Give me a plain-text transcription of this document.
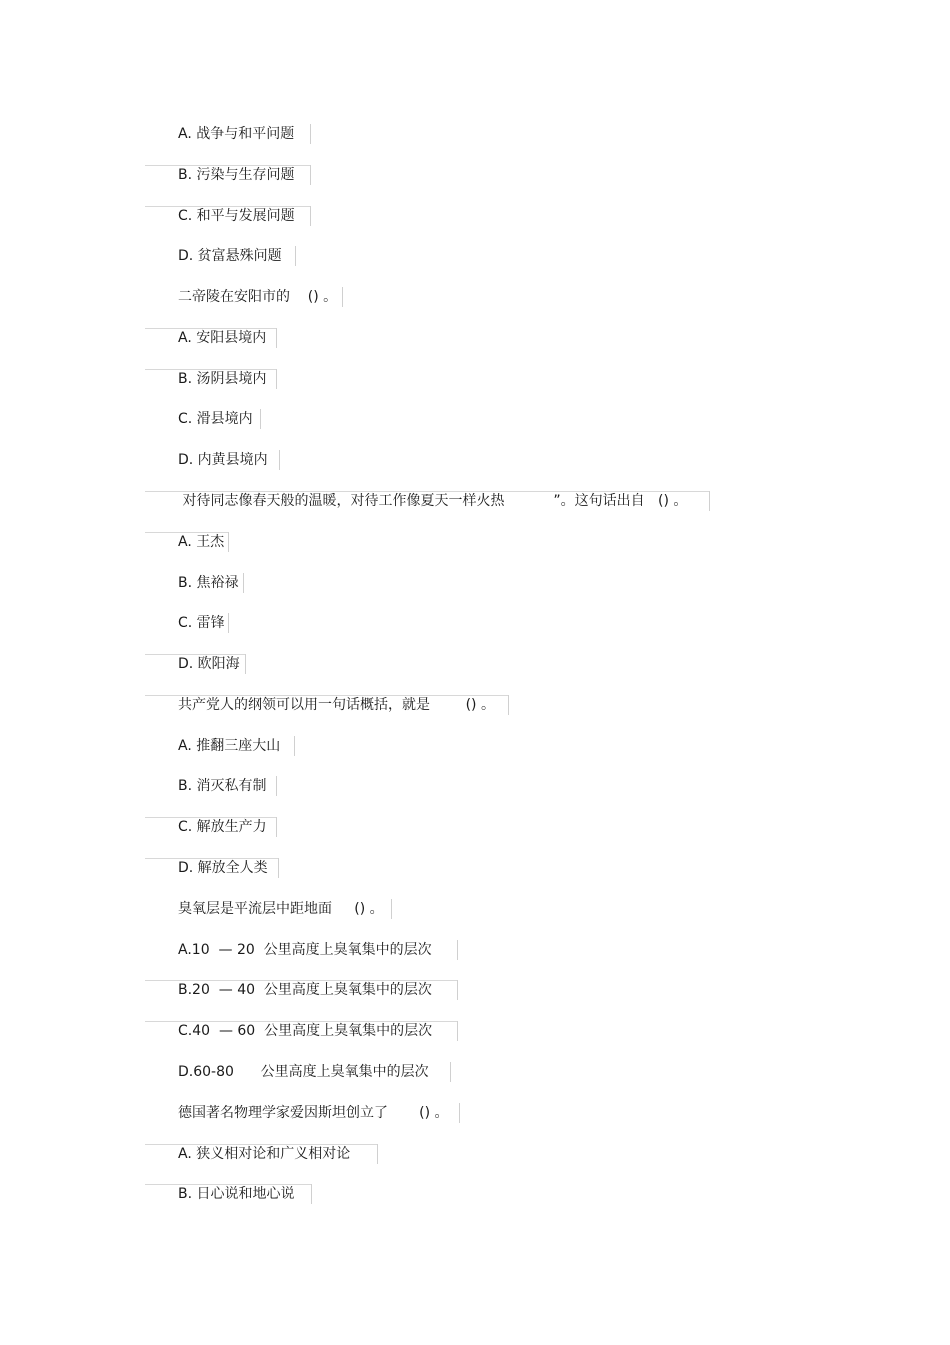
A. 战争与和平问题
B. 污染与生存问题
C. 和平与发展问题
D. 贫富悬殊问题
二帝陵在安阳市的    () 。
A. 安阳县境内
B. 汤阴县境内
C. 滑县境内
D. 内黄县境内
对待同志像春天般的温暖，对待工作像夏天一样火热           ”。这句话出自   () 。
A. 王杰
B. 焦裕禄
C. 雷锋
D. 欧阳海
共产党人的纲领可以用一句话概括，就是        () 。
A. 推翻三座大山
B. 消灭私有制
C. 解放生产力
D. 解放全人类
臭氧层是平流层中距地面     () 。
A.10  — 20  公里高度上臭氧集中的层次
B.20  — 40  公里高度上臭氧集中的层次
C.40  — 60  公里高度上臭氧集中的层次
D.60-80      公里高度上臭氧集中的层次
德国著名物理学家爱因斯坦创立了       () 。
A. 狭义相对论和广义相对论
B. 日心说和地心说
